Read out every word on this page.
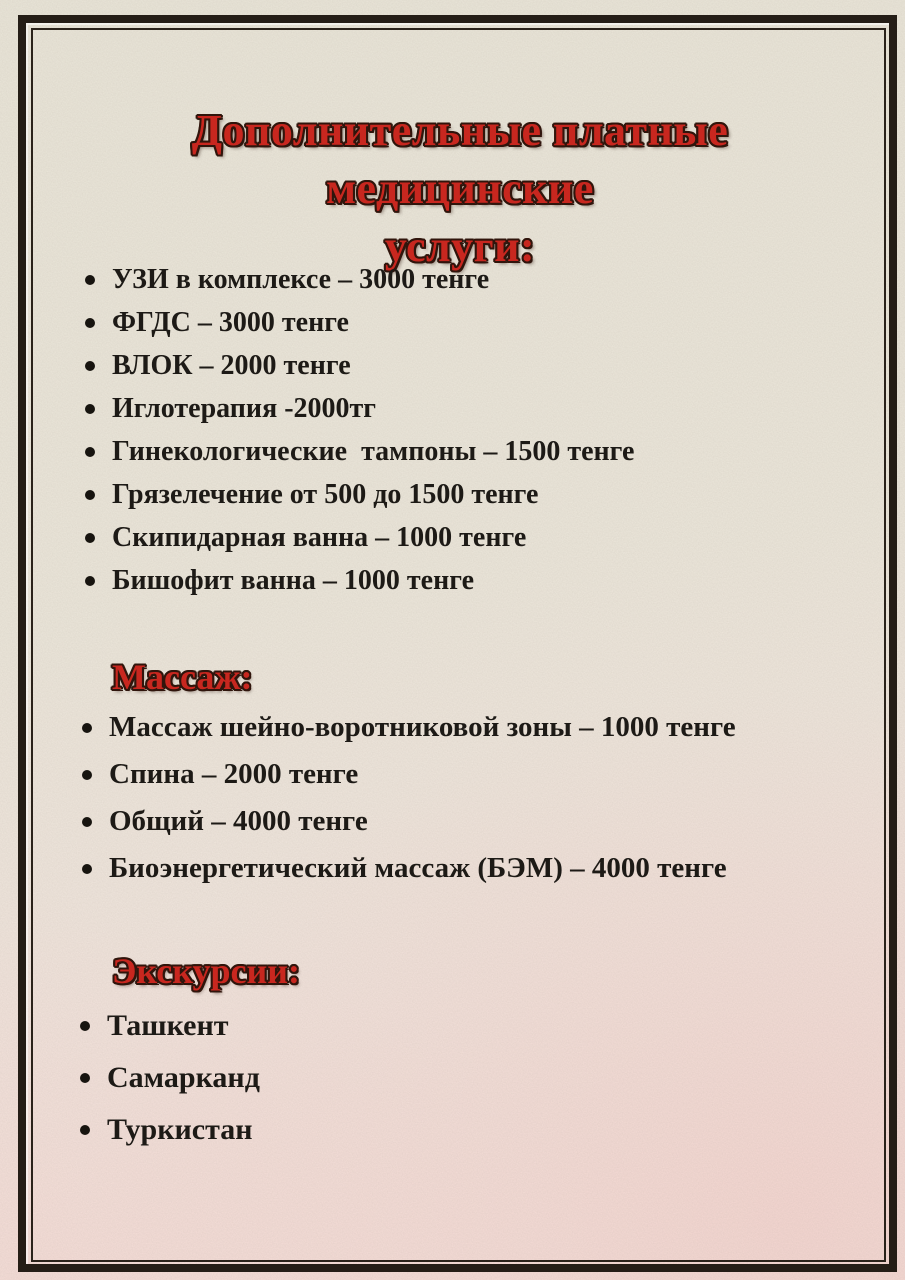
Дополнительные платные медицинские
услуги:
УЗИ в комплексе – 3000 тенге
ФГДС – 3000 тенге
ВЛОК – 2000 тенге
Иглотерапия -2000тг
Гинекологические  тампоны – 1500 тенге
Грязелечение от 500 до 1500 тенге
Скипидарная ванна – 1000 тенге
Бишофит ванна – 1000 тенге
Массаж:
Массаж шейно-воротниковой зоны – 1000 тенге
Спина – 2000 тенге
Общий – 4000 тенге
Биоэнергетический массаж (БЭМ) – 4000 тенге
Экскурсии:
Ташкент
Самарканд
Туркистан
